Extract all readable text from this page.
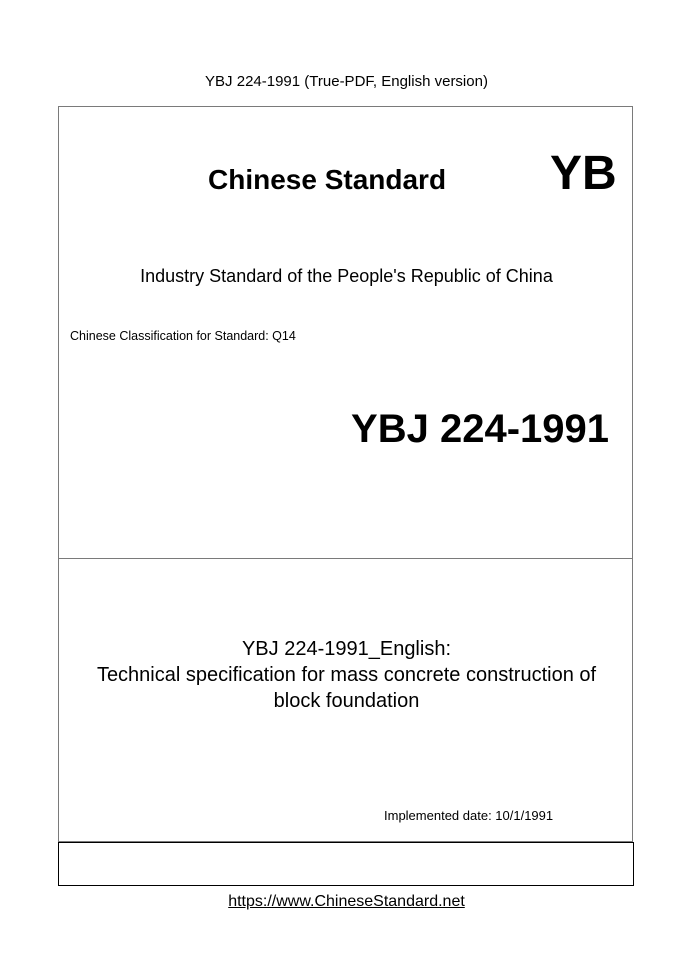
YBJ 224-1991 (True-PDF, English version)
Chinese Standard YB
Industry Standard of the People's Republic of China
Chinese Classification for Standard: Q14
YBJ 224-1991
YBJ 224-1991_English:
Technical specification for mass concrete construction of
block foundation
Implemented date: 10/1/1991
https://www.ChineseStandard.net
